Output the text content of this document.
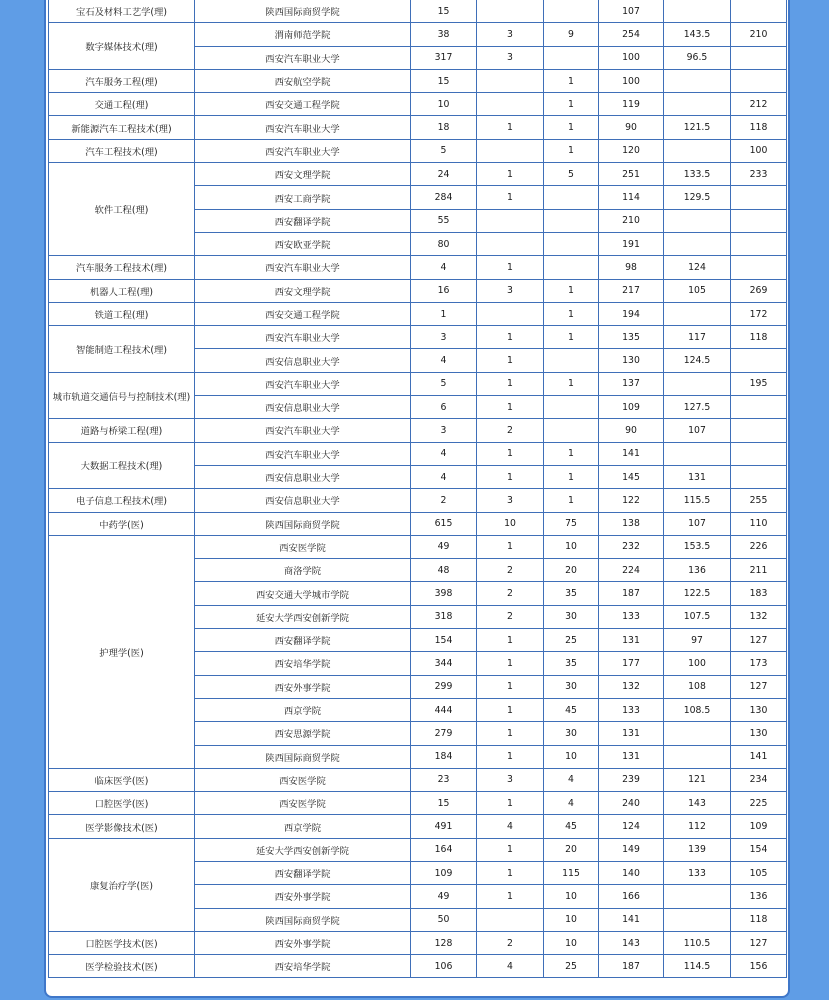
宝石及材料工艺学(理)	陕西国际商贸学院	15			107		
数字媒体技术(理)	渭南师范学院	38	3	9	254	143.5	210
	西安汽车职业大学	317	3		100	96.5	
汽车服务工程(理)	西安航空学院	15		1	100		
交通工程(理)	西安交通工程学院	10		1	119		212
新能源汽车工程技术(理)	西安汽车职业大学	18	1	1	90	121.5	118
汽车工程技术(理)	西安汽车职业大学	5		1	120		100
软件工程(理)	西安文理学院	24	1	5	251	133.5	233
	西安工商学院	284	1		114	129.5	
	西安翻译学院	55			210		
	西安欧亚学院	80			191		
汽车服务工程技术(理)	西安汽车职业大学	4	1		98	124	
机器人工程(理)	西安文理学院	16	3	1	217	105	269
铁道工程(理)	西安交通工程学院	1		1	194		172
智能制造工程技术(理)	西安汽车职业大学	3	1	1	135	117	118
	西安信息职业大学	4	1		130	124.5	
城市轨道交通信号与控制技术(理)	西安汽车职业大学	5	1	1	137		195
	西安信息职业大学	6	1		109	127.5	
道路与桥梁工程(理)	西安汽车职业大学	3	2		90	107	
大数据工程技术(理)	西安汽车职业大学	4	1	1	141		
	西安信息职业大学	4	1	1	145	131	
电子信息工程技术(理)	西安信息职业大学	2	3	1	122	115.5	255
中药学(医)	陕西国际商贸学院	615	10	75	138	107	110
护理学(医)	西安医学院	49	1	10	232	153.5	226
	商洛学院	48	2	20	224	136	211
	西安交通大学城市学院	398	2	35	187	122.5	183
	延安大学西安创新学院	318	2	30	133	107.5	132
	西安翻译学院	154	1	25	131	97	127
	西安培华学院	344	1	35	177	100	173
	西安外事学院	299	1	30	132	108	127
	西京学院	444	1	45	133	108.5	130
	西安思源学院	279	1	30	131		130
	陕西国际商贸学院	184	1	10	131		141
临床医学(医)	西安医学院	23	3	4	239	121	234
口腔医学(医)	西安医学院	15	1	4	240	143	225
医学影像技术(医)	西京学院	491	4	45	124	112	109
康复治疗学(医)	延安大学西安创新学院	164	1	20	149	139	154
	西安翻译学院	109	1	115	140	133	105
	西安外事学院	49	1	10	166		136
	陕西国际商贸学院	50		10	141		118
口腔医学技术(医)	西安外事学院	128	2	10	143	110.5	127
医学检验技术(医)	西安培华学院	106	4	25	187	114.5	156
